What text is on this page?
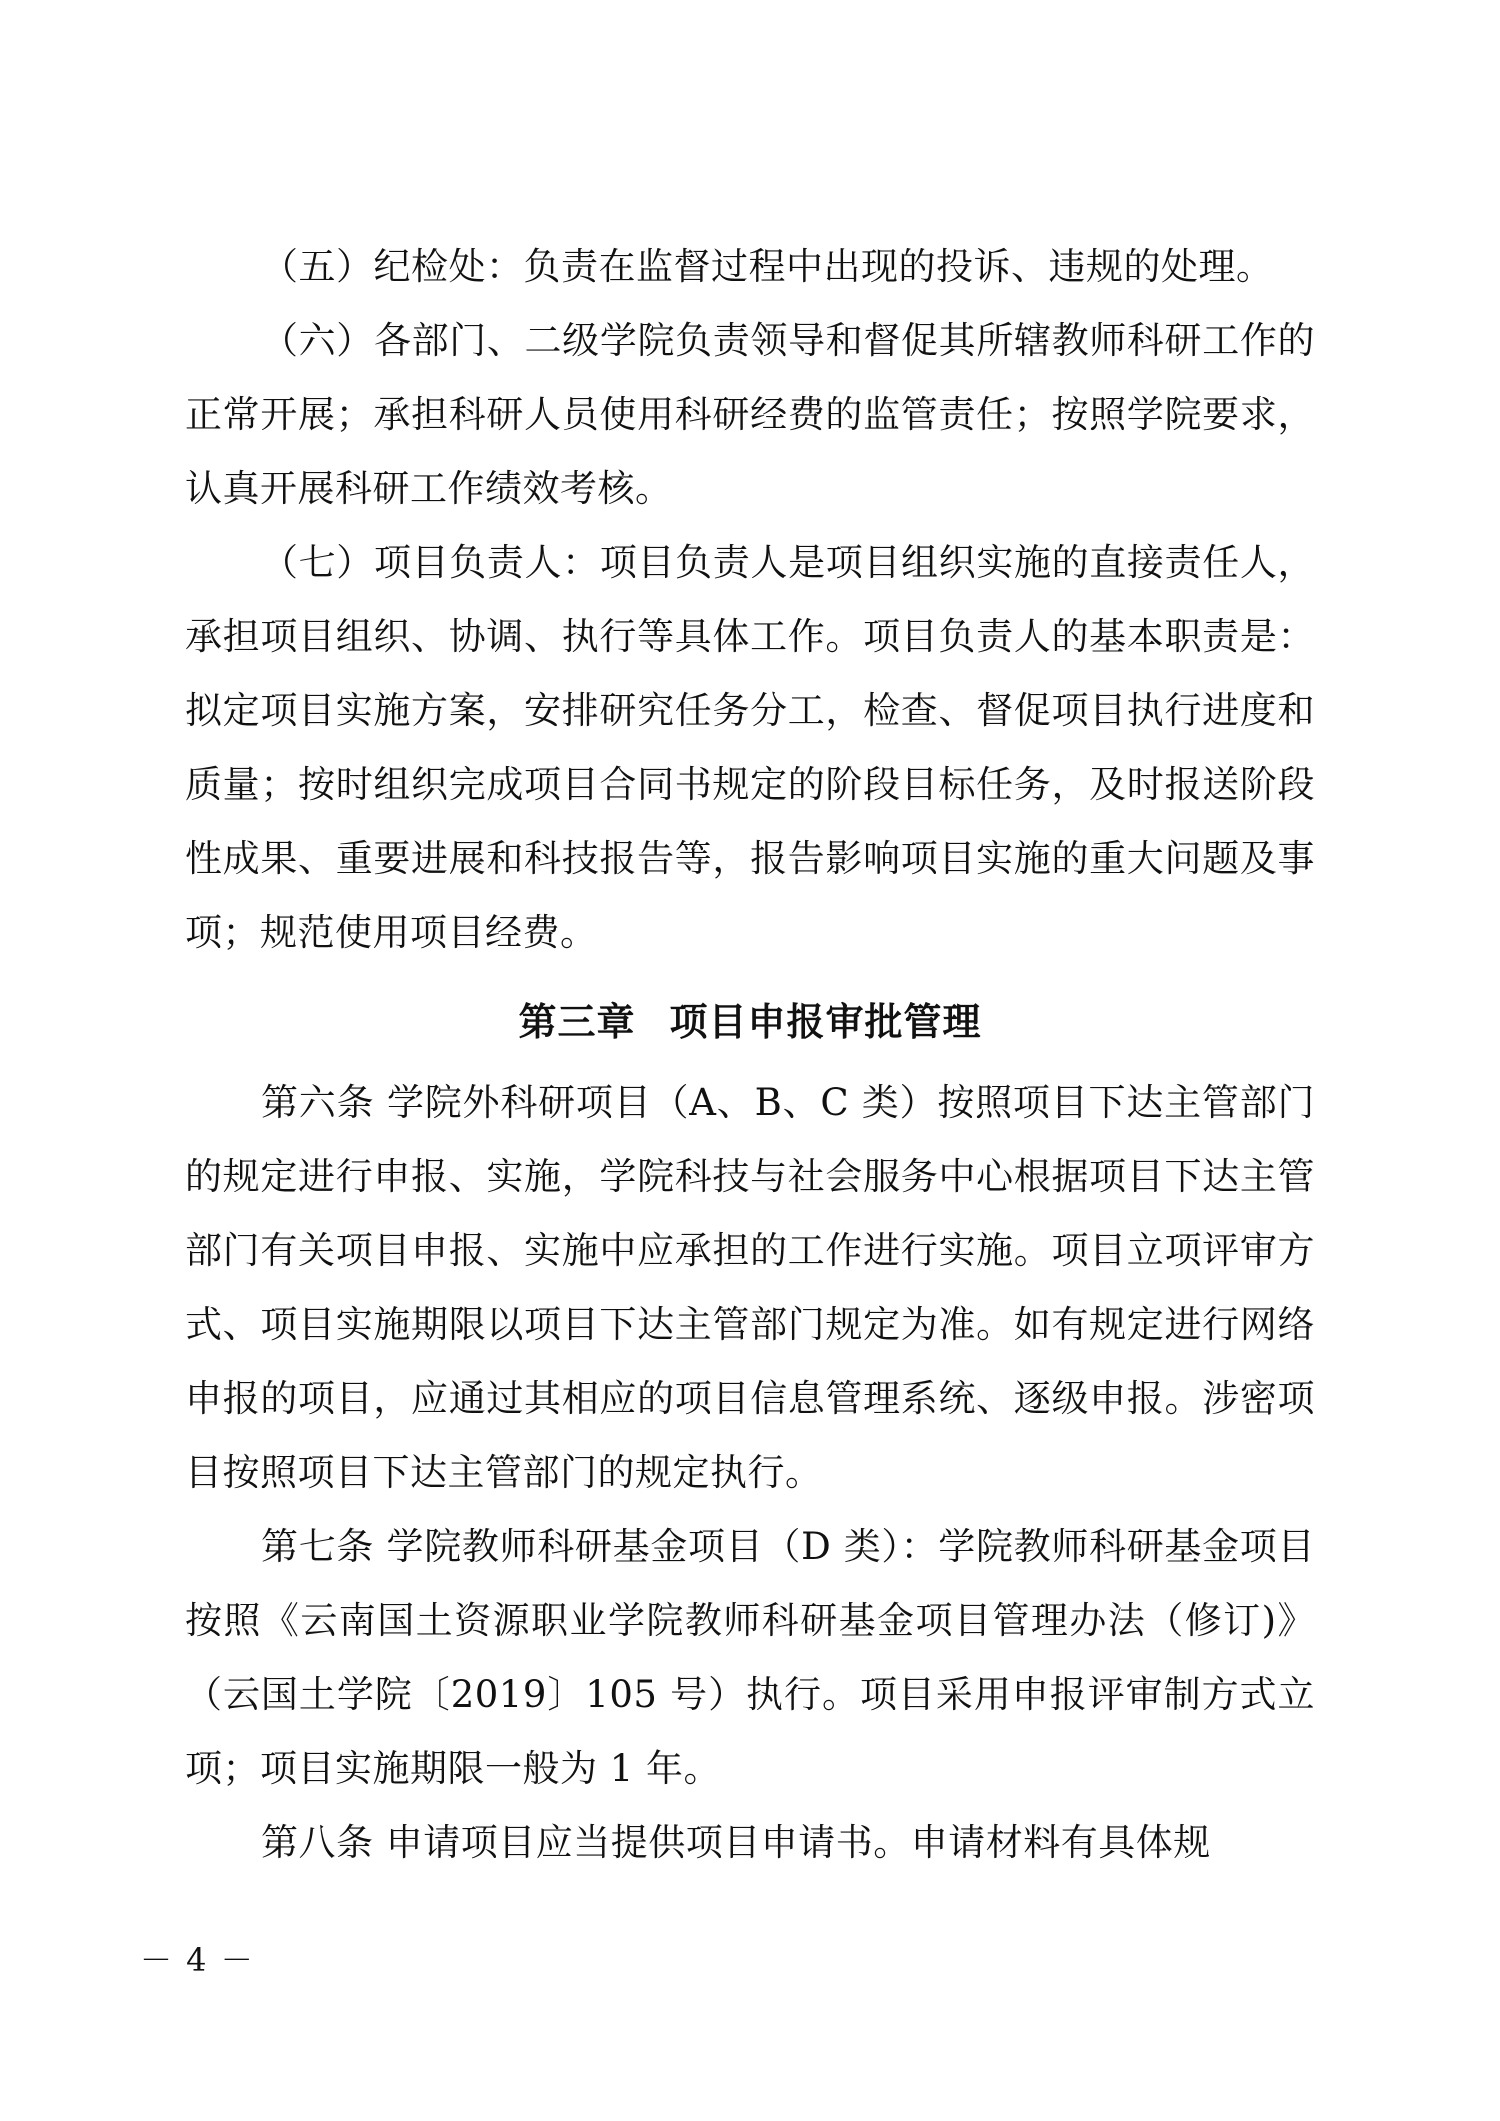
（五）纪检处：负责在监督过程中出现的投诉、违规的处理。

（六）各部门、二级学院负责领导和督促其所辖教师科研工作的正常开展；承担科研人员使用科研经费的监管责任；按照学院要求，认真开展科研工作绩效考核。

（七）项目负责人：项目负责人是项目组织实施的直接责任人，承担项目组织、协调、执行等具体工作。项目负责人的基本职责是：拟定项目实施方案，安排研究任务分工，检查、督促项目执行进度和质量；按时组织完成项目合同书规定的阶段目标任务，及时报送阶段性成果、重要进展和科技报告等，报告影响项目实施的重大问题及事项；规范使用项目经费。

第三章 项目申报审批管理

第六条 学院外科研项目（A、B、C 类）按照项目下达主管部门的规定进行申报、实施，学院科技与社会服务中心根据项目下达主管部门有关项目申报、实施中应承担的工作进行实施。项目立项评审方式、项目实施期限以项目下达主管部门规定为准。如有规定进行网络申报的项目，应通过其相应的项目信息管理系统、逐级申报。涉密项目按照项目下达主管部门的规定执行。

第七条 学院教师科研基金项目（D 类）：学院教师科研基金项目按照《云南国土资源职业学院教师科研基金项目管理办法（修订)》（云国土学院〔2019〕105 号）执行。项目采用申报评审制方式立项；项目实施期限一般为 1 年。

第八条 申请项目应当提供项目申请书。申请材料有具体规

－ 4 －
